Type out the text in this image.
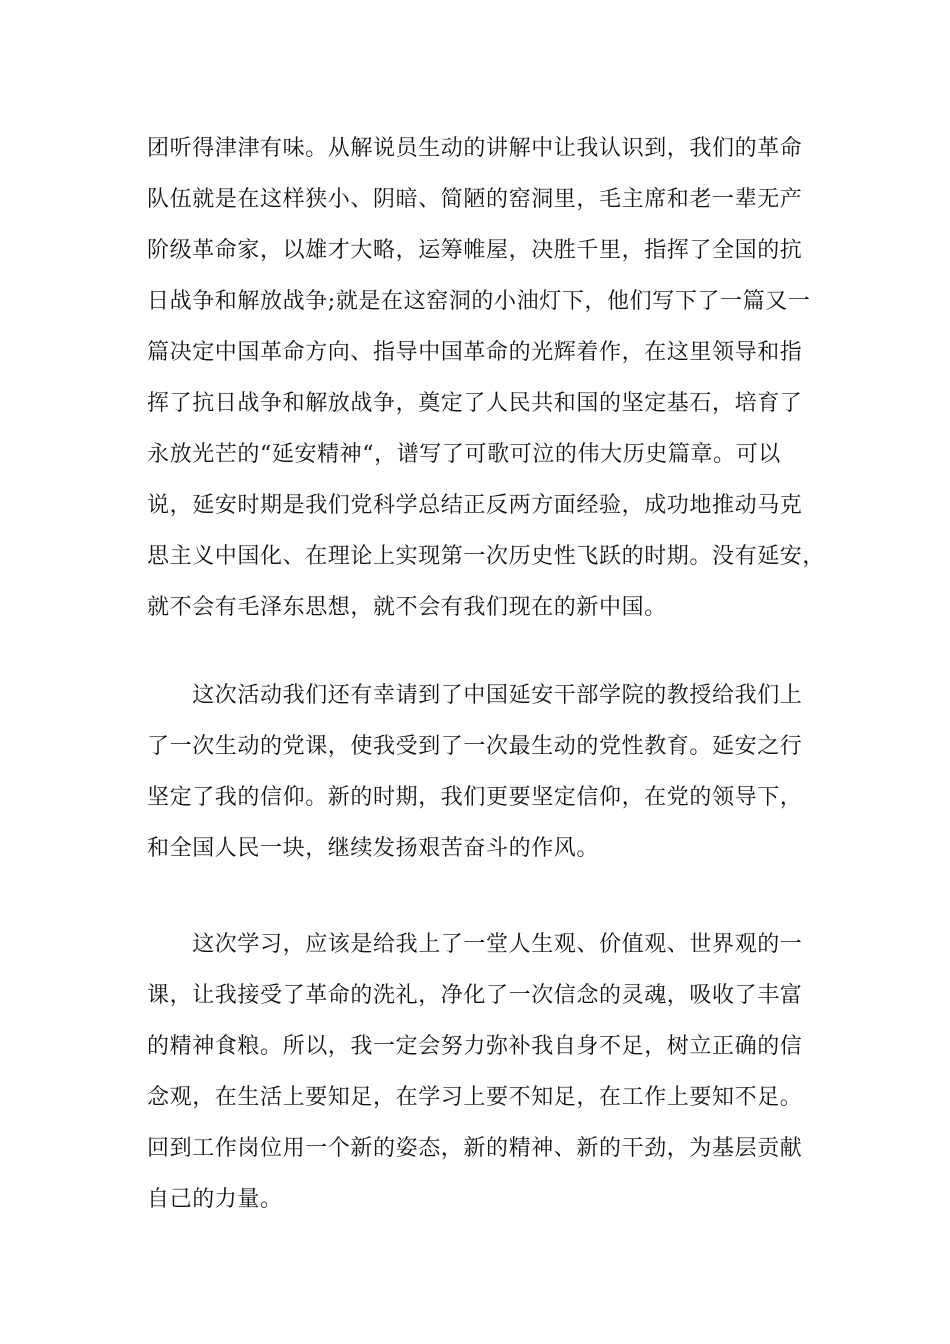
团听得津津有味。从解说员生动的讲解中让我认识到，我们的革命
队伍就是在这样狭小、阴暗、简陋的窑洞里，毛主席和老一辈无产
阶级革命家，以雄才大略，运筹帷屋，决胜千里，指挥了全国的抗
日战争和解放战争;就是在这窑洞的小油灯下，他们写下了一篇又一
篇决定中国革命方向、指导中国革命的光辉着作，在这里领导和指
挥了抗日战争和解放战争，奠定了人民共和国的坚定基石，培育了
永放光芒的“延安精神“，谱写了可歌可泣的伟大历史篇章。可以
说，延安时期是我们党科学总结正反两方面经验，成功地推动马克
思主义中国化、在理论上实现第一次历史性飞跃的时期。没有延安，
就不会有毛泽东思想，就不会有我们现在的新中国。
　　这次活动我们还有幸请到了中国延安干部学院的教授给我们上
了一次生动的党课，使我受到了一次最生动的党性教育。延安之行
坚定了我的信仰。新的时期，我们更要坚定信仰，在党的领导下，
和全国人民一块，继续发扬艰苦奋斗的作风。
　　这次学习，应该是给我上了一堂人生观、价值观、世界观的一
课，让我接受了革命的洗礼，净化了一次信念的灵魂，吸收了丰富
的精神食粮。所以，我一定会努力弥补我自身不足，树立正确的信
念观，在生活上要知足，在学习上要不知足，在工作上要知不足。
回到工作岗位用一个新的姿态，新的精神、新的干劲，为基层贡献
自己的力量。
